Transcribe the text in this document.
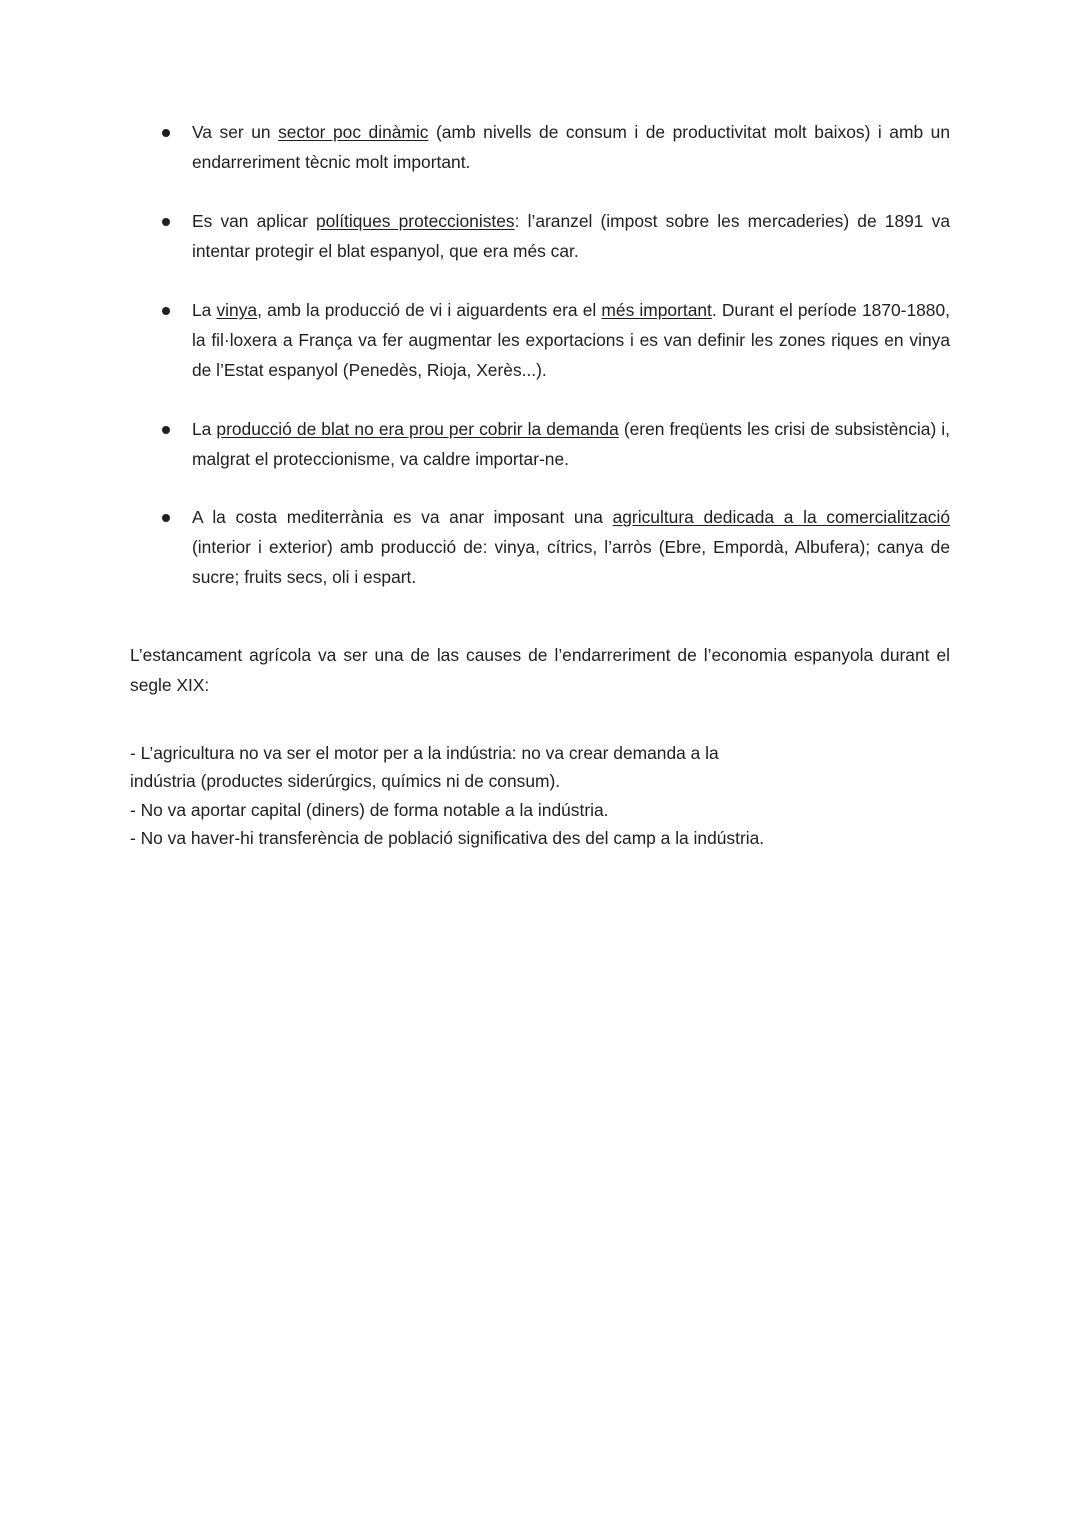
Va ser un sector poc dinàmic (amb nivells de consum i de productivitat molt baixos) i amb un endarreriment tècnic molt important.
Es van aplicar polítiques proteccionistes: l’aranzel (impost sobre les mercaderies) de 1891 va intentar protegir el blat espanyol, que era més car.
La vinya, amb la producció de vi i aiguardents era el més important. Durant el període 1870-1880, la fil·loxera a França va fer augmentar les exportacions i es van definir les zones riques en vinya de l’Estat espanyol (Penedès, Rioja, Xerès...).
La producció de blat no era prou per cobrir la demanda (eren freqüents les crisi de subsistència) i, malgrat el proteccionisme, va caldre importar-ne.
A la costa mediterrània es va anar imposant una agricultura dedicada a la comercialització (interior i exterior) amb producció de: vinya, cítrics, l’arròs (Ebre, Empordà, Albufera); canya de sucre; fruits secs, oli i espart.

L’estancament agrícola va ser una de las causes de l’endarreriment de l’economia espanyola durant el segle XIX:

- L’agricultura no va ser el motor per a la indústria: no va crear demanda a la
indústria (productes siderúrgics, químics ni de consum).
- No va aportar capital (diners) de forma notable a la indústria.
- No va haver-hi transferència de població significativa des del camp a la indústria.
